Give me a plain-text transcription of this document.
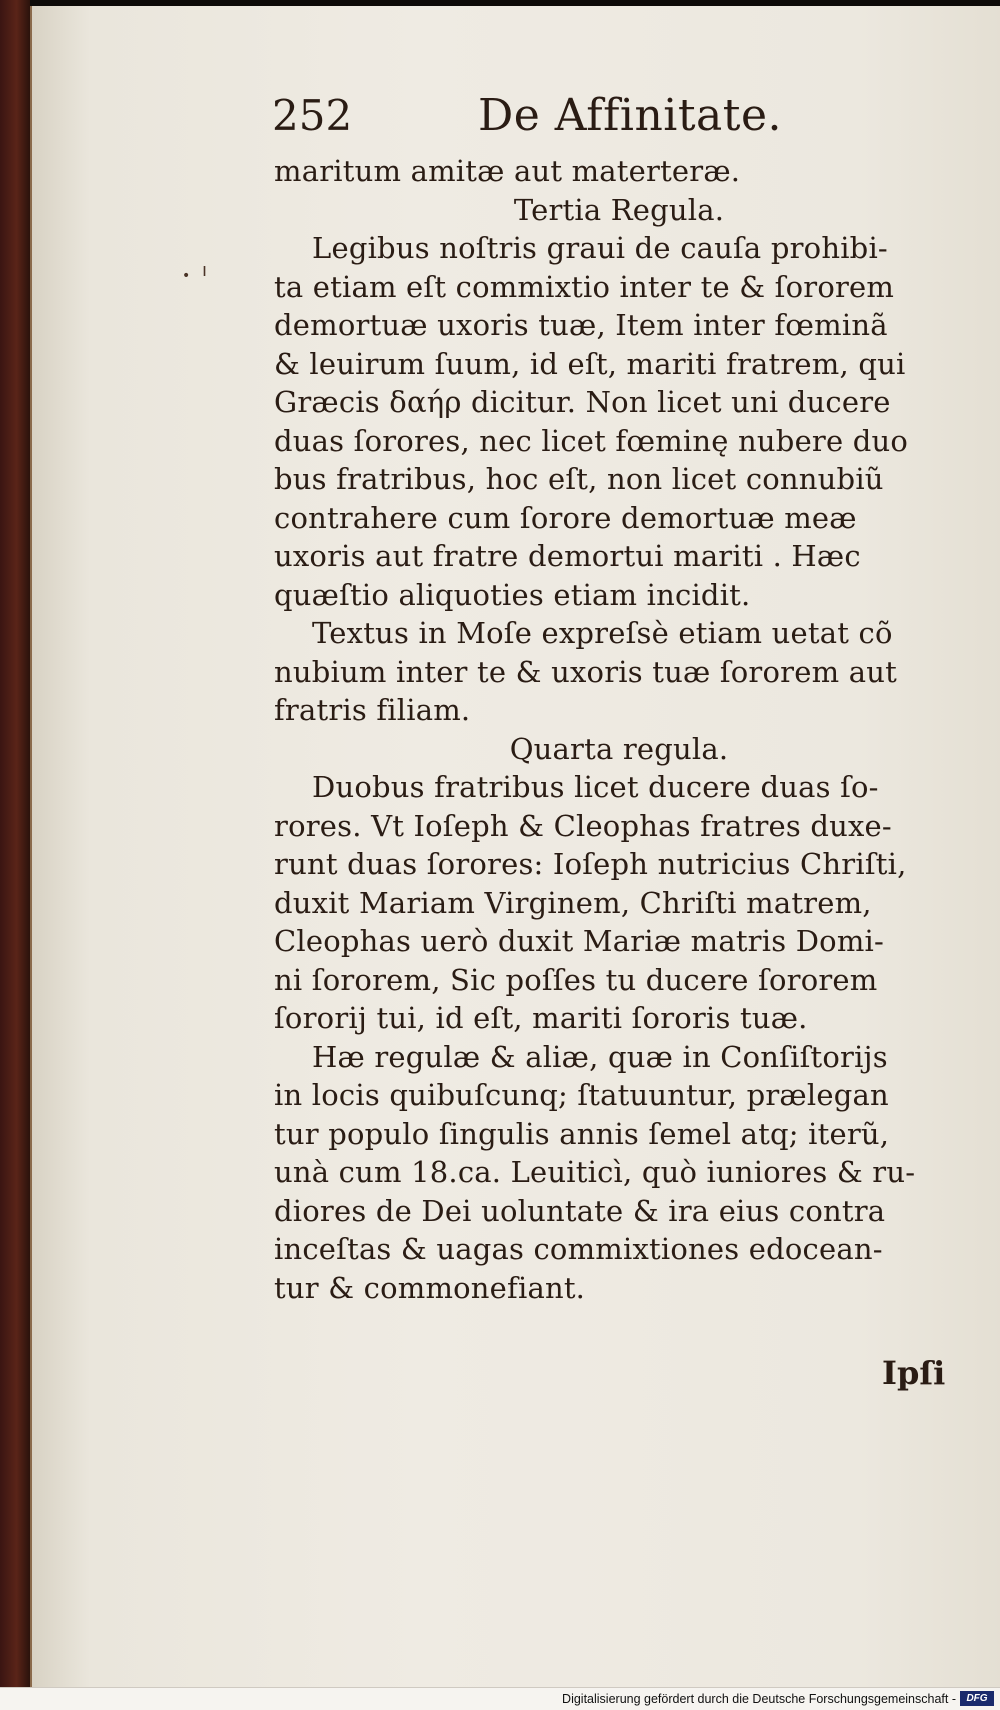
252	De Affinitate.
maritum amitæ aut materteræ.
Tertia Regula.
Legibus noſtris graui de cauſa prohibi-
ta etiam eſt commixtio inter te & ſororem
demortuæ uxoris tuæ, Item inter fœminã
& leuirum ſuum, id eſt, mariti fratrem, qui
Græcis δαήρ dicitur. Non licet uni ducere
duas ſorores, nec licet fœminę nubere duo
bus fratribus, hoc eſt, non licet connubiũ
contrahere cum ſorore demortuæ meæ
uxoris aut fratre demortui mariti . Hæc
quæſtio aliquoties etiam incidit.
Textus in Moſe expreſsè etiam uetat cõ
nubium inter te & uxoris tuæ ſororem aut
fratris filiam.
Quarta regula.
Duobus fratribus licet ducere duas ſo-
rores. Vt Ioſeph & Cleophas fratres duxe-
runt duas ſorores: Ioſeph nutricius Chriſti,
duxit Mariam Virginem, Chriſti matrem,
Cleophas uerò duxit Mariæ matris Domi-
ni ſororem, Sic poſſes tu ducere ſororem
ſororij tui, id eſt, mariti ſororis tuæ.
Hæ regulæ & aliæ, quæ in Conſiſtorijs
in locis quibuſcunq; ſtatuuntur, prælegan
tur populo ſingulis annis ſemel atq; iterũ,
unà cum 18.ca. Leuiticì, quò iuniores & ru-
diores de Dei uoluntate & ira eius contra
inceſtas & uagas commixtiones edocean-
tur & commonefiant.
Ipſi
• ı
Digitalisierung gefördert durch die Deutsche Forschungsgemeinschaft -	DFG
